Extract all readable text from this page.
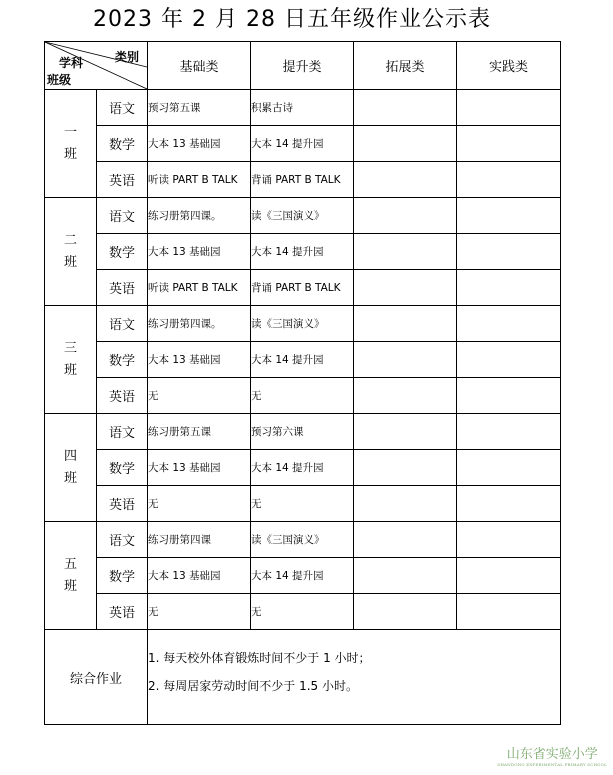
2023 年 2 月 28 日五年级作业公示表
类别
学科
班级		基础类	提升类	拓展类	实践类

一
班	语文	预习第五课	积累古诗		
	数学	大本 13 基础园	大本 14 提升园		
	英语	听读 PART B TALK	背诵 PART B TALK		

二
班	语文	练习册第四课。	读《三国演义》		
	数学	大本 13 基础园	大本 14 提升园		
	英语	听读 PART B TALK	背诵 PART B TALK		

三
班	语文	练习册第四课。	读《三国演义》		
	数学	大本 13 基础园	大本 14 提升园		
	英语	无	无		

四
班	语文	练习册第五课	预习第六课		
	数学	大本 13 基础园	大本 14 提升园		
	英语	无	无		

五
班	语文	练习册第四课	读《三国演义》		
	数学	大本 13 基础园	大本 14 提升园		
	英语	无	无		
综合作业		1. 每天校外体育锻炼时间不少于 1 小时；
2. 每周居家劳动时间不少于 1.5 小时。			
山东省实验小学
SHANDONG EXPERIMENTAL PRIMARY SCHOOL
